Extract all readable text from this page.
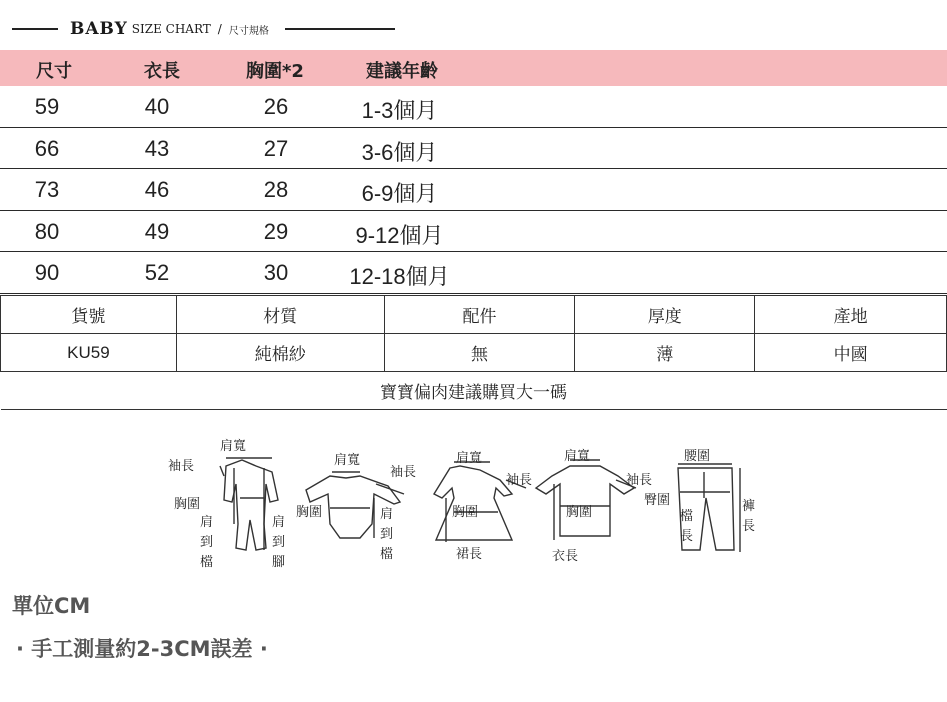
BABY SIZE CHART / 尺寸規格
尺寸	衣長	胸圍*2	建議年齡
59	40	26	1-3個月
66	43	27	3-6個月
73	46	28	6-9個月
80	49	29	9-12個月
90	52	30	12-18個月
貨號	材質	配件	厚度	產地
KU59	純棉紗	無	薄	中國
寶寶偏肉建議購買大一碼				
肩寬
袖長
胸圍
肩
到
檔
肩
到
腳
肩寬
袖長
胸圍	肩
到
檔
肩寬
袖長
胸圍
裙長
肩寬
袖長
胸圍
衣長
腰圍
臀圍
檔
長
褲
長
單位CM
· 手工測量約2-3CM誤差 ·
